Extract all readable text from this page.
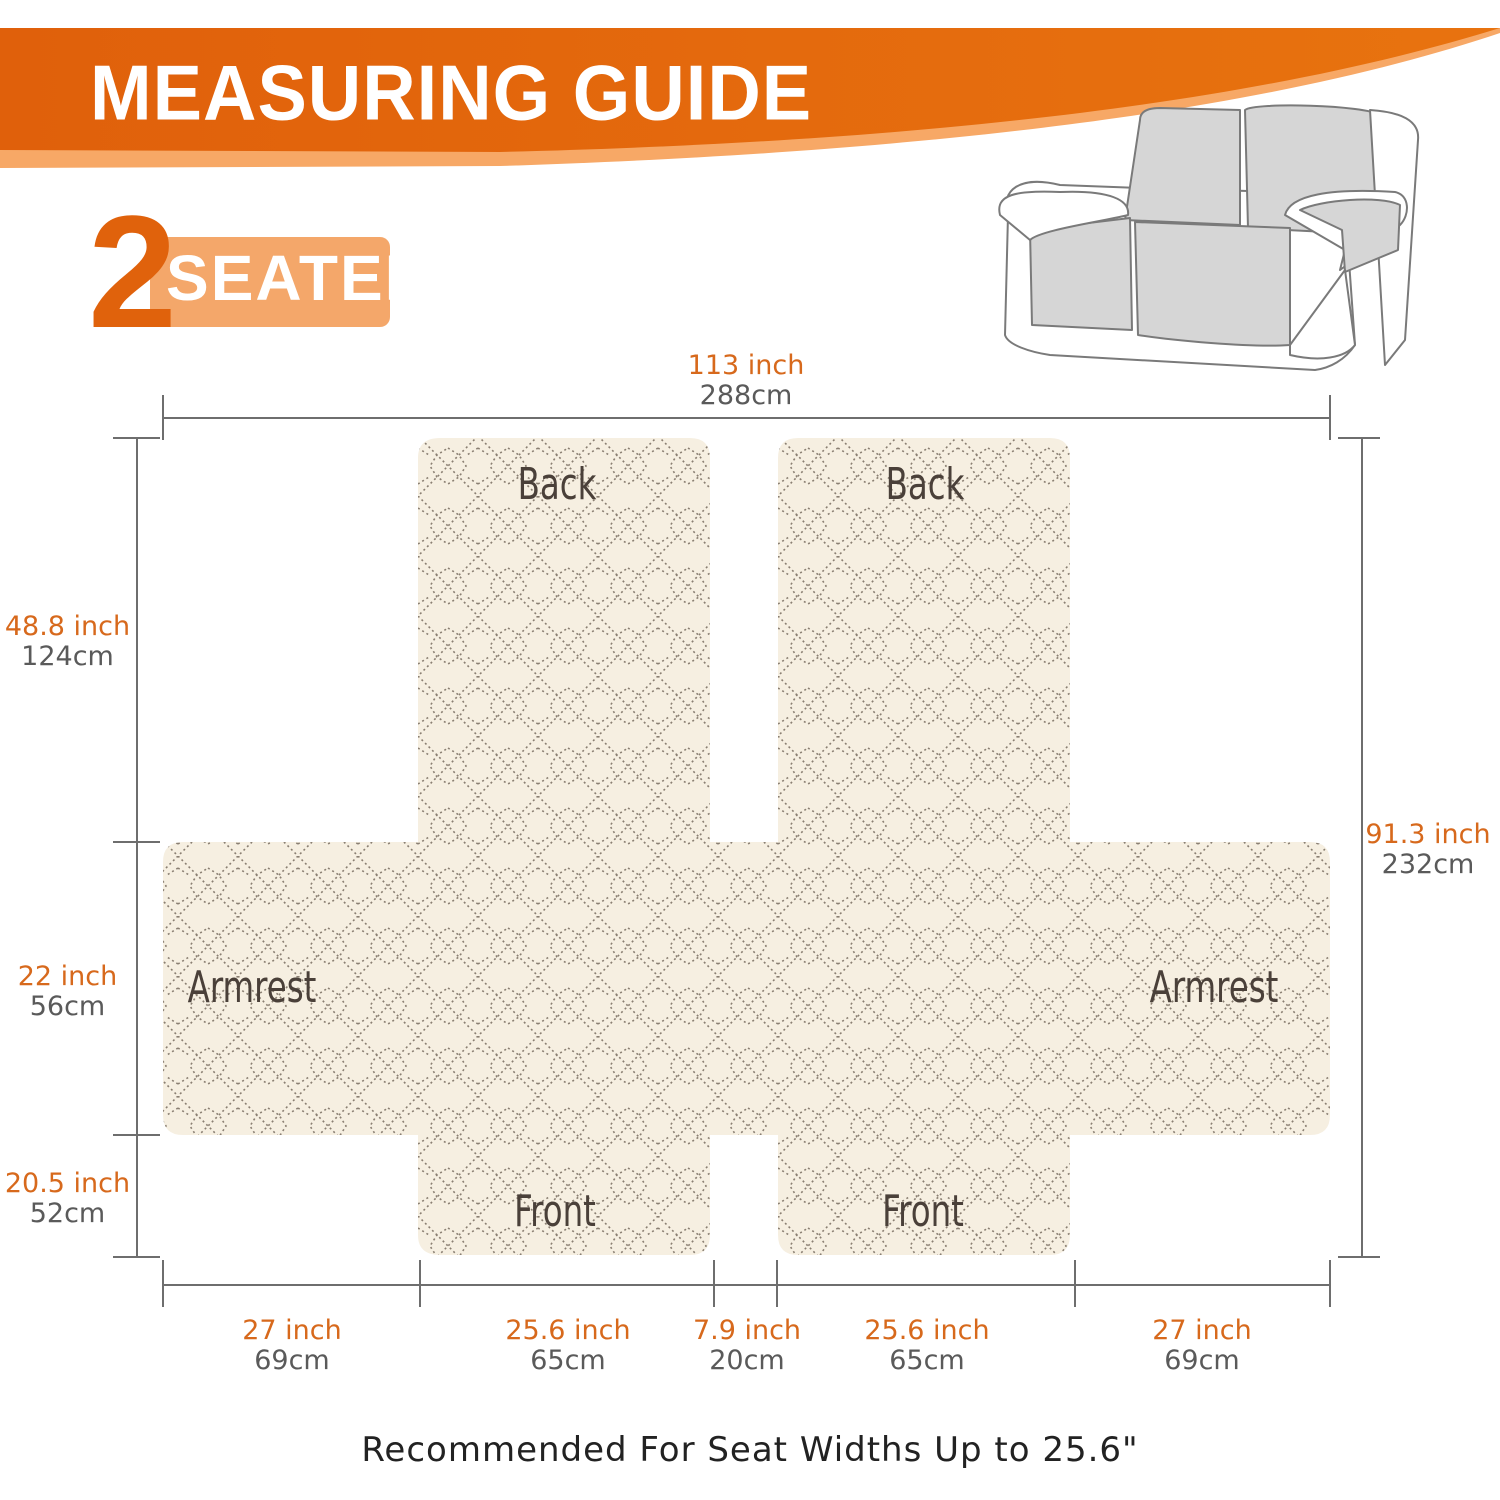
MEASURING GUIDE
2
SEATER
Back	Back
Armrest	Armrest
Front	Front
113 inch
288cm
48.8 inch
124cm
22 inch
56cm
20.5 inch
52cm
91.3 inch
232cm
27 inch
69cm
25.6 inch
65cm
7.9 inch
20cm
25.6 inch
65cm
27 inch
69cm
Recommended For Seat Widths Up to 25.6"
